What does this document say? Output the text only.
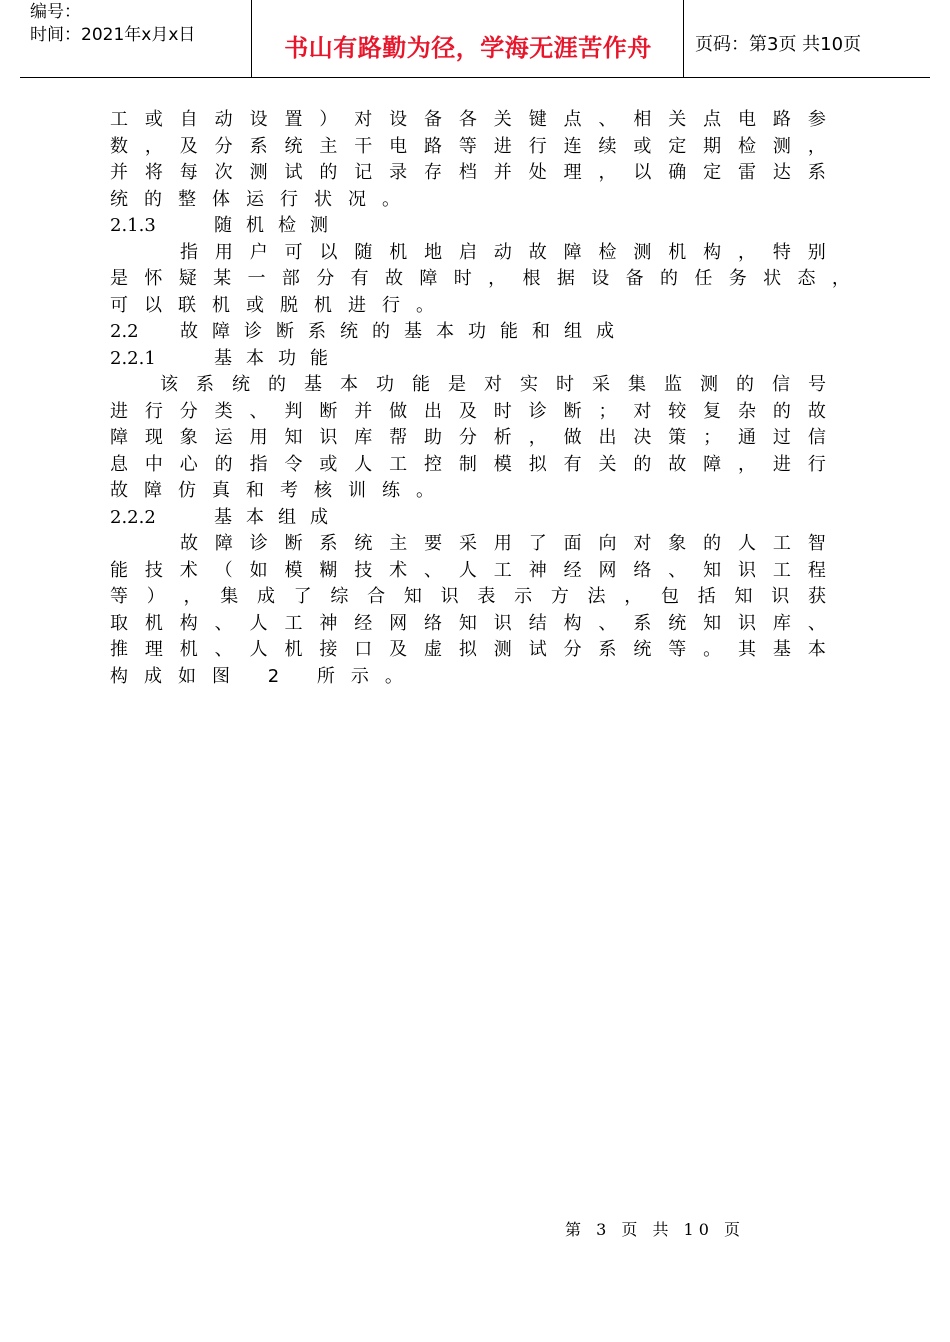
编号：
时间：2021年x月x日	书山有路勤为径，学海无涯苦作舟	页码：第3页 共10页
工 或 自 动 设 置 ） 对 设 备 各 关 键 点 、 相 关 点 电 路 参
数 ， 及 分 系 统 主 干 电 路 等 进 行 连 续 或 定 期 检 测 ，
并 将 每 次 测 试 的 记 录 存 档 并 处 理 ， 以 确 定 雷 达 系
统的整体运行状况。
2.1.3	随机检测
指 用 户 可 以 随 机 地 启 动 故 障 检 测 机 构 ， 特 别
是 怀 疑 某 一 部 分 有 故 障 时 ， 根 据 设 备 的 任 务 状 态 ，
可以联机或脱机进行。
2.2 故障诊断系统的基本功能和组成
2.2.1	基本功能
该 系 统 的 基 本 功 能 是 对 实 时 采 集 监 测 的 信 号
进 行 分 类 、 判 断 并 做 出 及 时 诊 断 ； 对 较 复 杂 的 故
障 现 象 运 用 知 识 库 帮 助 分 析 ， 做 出 决 策 ； 通 过 信
息 中 心 的 指 令 或 人 工 控 制 模 拟 有 关 的 故 障 ， 进 行
故障仿真和考核训练。
2.2.2	基本组成
故 障 诊 断 系 统 主 要 采 用 了 面 向 对 象 的 人 工 智
能 技 术 （ 如 模 糊 技 术 、 人 工 神 经 网 络 、 知 识 工 程
等 ） ， 集 成 了 综 合 知 识 表 示 方 法 ， 包 括 知 识 获
取 机 构 、 人 工 神 经 网 络 知 识 结 构 、 系 统 知 识 库 、
推 理 机 、 人 机 接 口 及 虚 拟 测 试 分 系 统 等 。 其 基 本
构成如图 2 所示。
第 3 页 共 10 页
